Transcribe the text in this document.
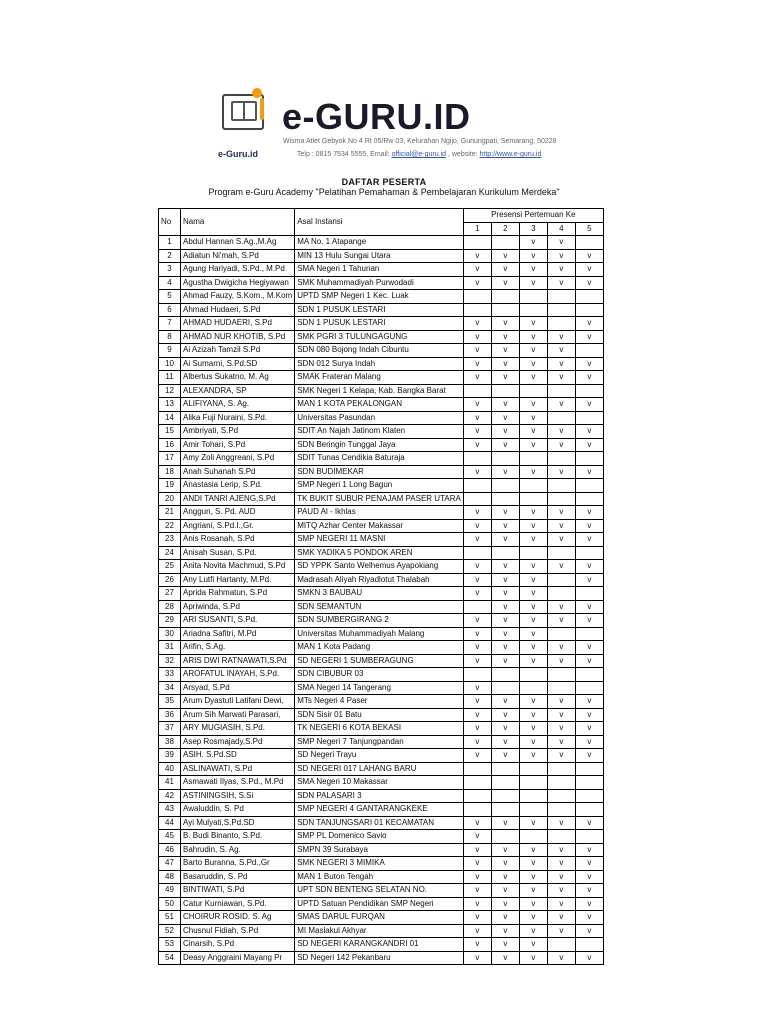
e-Guru.id
e-GURU.ID
Wisma Atlet Gebyok No 4 Rt 05/Rw 03, Kelurahan Ngijo, Gunungpati, Semarang, 50228
Telp : 0815 7534 5555, Email: official@e-guru.id , website: http://www.e-guru.id
DAFTAR PESERTA
Program e-Guru Academy "Pelatihan Pemahaman & Pembelajaran Kurikulum Merdeka"
No	Nama	Asal Instansi	Presensi Pertemuan Ke				
			1	2	3	4	5
1	Abdul Hannan S.Ag.,M.Ag	MA No. 1 Atapange			v	v	
2	Adiatun Ni'mah, S.Pd	MIN 13 Hulu Sungai Utara	v	v	v	v	v
3	Agung Hariyadi, S.Pd., M.Pd	SMA Negeri 1 Tahunan	v	v	v	v	v
4	Agustha Dwigicha Hegiyawan	SMK Muhammadiyah Purwodadi	v	v	v	v	v
5	Ahmad Fauzy, S.Kom., M.Kom	UPTD SMP Negeri 1 Kec. Luak					
6	Ahmad Hudaeri, S.Pd	SDN 1 PUSUK LESTARI					
7	AHMAD HUDAERI, S.Pd	SDN 1 PUSUK LESTARI	v	v	v		v
8	AHMAD NUR KHOTIB, S.Pd	SMK PGRI 3 TULUNGAGUNG	v	v	v	v	v
9	Ai Azizah Tamzil S.Pd	SDN 080 Bojong Indah Cibuntu	v	v	v	v	
10	Ai Sumarni, S.Pd.SD	SDN 012 Surya Indah	v	v	v	v	v
11	Albertus Sukatno, M. Ag	SMAK Frateran Malang	v	v	v	v	v
12	ALEXANDRA, SP	SMK Negeri 1 Kelapa, Kab. Bangka Barat					
13	ALIFIYANA, S. Ag.	MAN 1 KOTA PEKALONGAN	v	v	v	v	v
14	Alika Fuji Nuraini, S.Pd.	Universitas Pasundan	v	v	v		
15	Ambriyati, S.Pd	SDIT An Najah Jatinom Klaten	v	v	v	v	v
16	Amir Tohari, S.Pd	SDN Beringin Tunggal Jaya	v	v	v	v	v
17	Amy Zoli Anggreani, S.Pd	SDIT Tunas Cendikia Baturaja					
18	Anah Suhanah S.Pd	SDN BUDIMEKAR	v	v	v	v	v
19	Anastasia Lerip, S.Pd.	SMP Negeri 1 Long Bagun					
20	ANDI TANRI AJENG,S.Pd	TK BUKIT SUBUR PENAJAM PASER UTARA					
21	Anggun, S. Pd. AUD	PAUD Al - Ikhlas	v	v	v	v	v
22	Angriani, S.Pd.I.,Gr.	MITQ Azhar Center Makassar	v	v	v	v	v
23	Anis Rosanah, S.Pd	SMP NEGERI 11 MASNI	v	v	v	v	v
24	Anisah Susan, S.Pd.	SMK YADIKA 5 PONDOK AREN					
25	Anita Novita Machmud, S.Pd	SD YPPK Santo Welhemus Ayapokiang	v	v	v	v	v
26	Any Lutfi Hartanty, M.Pd.	Madrasah Aliyah Riyadlotut Thalabah	v	v	v		v
27	Aprida Rahmatun, S.Pd	SMKN 3 BAUBAU	v	v	v		
28	Apriwinda, S.Pd	SDN SEMANTUN		v	v	v	v
29	ARI SUSANTI, S.Pd.	SDN SUMBERGIRANG 2	v	v	v	v	v
30	Ariadna Safitri, M.Pd	Universitas Muhammadiyah Malang	v	v	v		
31	Arifin, S.Ag.	MAN 1 Kota Padang	v	v	v	v	v
32	ARIS DWI RATNAWATI,S.Pd	SD NEGERI 1 SUMBERAGUNG	v	v	v	v	v
33	AROFATUL INAYAH, S.Pd.	SDN CIBUBUR 03					
34	Arsyad, S.Pd	SMA Negeri 14 Tangerang	v				
35	Arum Dyastuti Latifani Dewi,	MTs Negeri 4 Paser	v	v	v	v	v
36	Arum Sih Marwati Parasari,	SDN Sisir 01 Batu	v	v	v	v	v
37	ARY MUGIASIH, S.Pd.	TK NEGERI 6 KOTA BEKASI	v	v	v	v	v
38	Asep Rosmajady,S.Pd	SMP Negeri 7 Tanjungpandan	v	v	v	v	v
39	ASIH. S.Pd.SD	SD Negeri Trayu	v	v	v	v	v
40	ASLINAWATI, S.Pd	SD NEGERI 017 LAHANG BARU					
41	Asmawati Ilyas, S.Pd., M.Pd	SMA Negeri 10 Makassar					
42	ASTININGSIH, S.Si	SDN PALASARI 3					
43	Awaluddin, S. Pd	SMP NEGERI 4 GANTARANGKEKE					
44	Ayi Mulyati,S.Pd.SD	SDN TANJUNGSARI 01 KECAMATAN	v	v	v	v	v
45	B. Budi Binanto, S.Pd.	SMP PL Domenico Savio	v				
46	Bahrudin, S. Ag.	SMPN 39 Surabaya	v	v	v	v	v
47	Barto Buranna, S.Pd.,Gr	SMK NEGERI 3 MIMIKA	v	v	v	v	v
48	Basaruddin, S. Pd	MAN 1 Buton Tengah	v	v	v	v	v
49	BINTIWATI, S.Pd	UPT SDN BENTENG SELATAN NO.	v	v	v	v	v
50	Catur Kurniawan, S.Pd.	UPTD Satuan Pendidikan SMP Negeri	v	v	v	v	v
51	CHOIRUR ROSID. S. Ag	SMAS DARUL FURQAN	v	v	v	v	v
52	Chusnul Fidiah, S.Pd	MI Maslakul Akhyar	v	v	v	v	v
53	Cinarsih, S.Pd	SD NEGERI KARANGKANDRI 01	v	v	v		
54	Deasy Anggraini Mayang Pr	SD Negeri 142 Pekanbaru	v	v	v	v	v
